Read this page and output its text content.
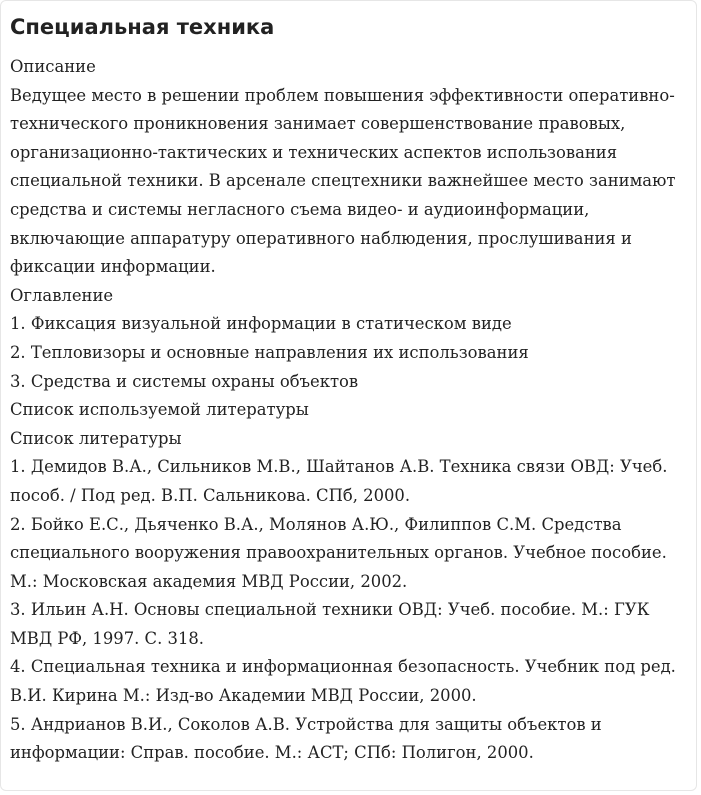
Специальная техника

Описание

Ведущее место в решении проблем повышения эффективности оперативно-технического проникновения занимает совершенствование правовых, организационно-тактических и технических аспектов использования специальной техники. В арсенале спецтехники важнейшее место занимают средства и системы негласного съема видео- и аудиоинформации, включающие аппаратуру оперативного наблюдения, прослушивания и фиксации информации.

Оглавление

1. Фиксация визуальной информации в статическом виде

2. Тепловизоры и основные направления их использования

3. Средства и системы охраны объектов

Список используемой литературы

Список литературы

1. Демидов В.А., Сильников М.В., Шайтанов А.В. Техника связи ОВД: Учеб. пособ. / Под ред. В.П. Сальникова. СПб, 2000.

2. Бойко Е.С., Дьяченко В.А., Молянов А.Ю., Филиппов С.М. Средства специального вооружения правоохранительных органов. Учебное пособие. М.: Московская академия МВД России, 2002.

3. Ильин А.Н. Основы специальной техники ОВД: Учеб. пособие. М.: ГУК МВД РФ, 1997. С. 318.

4. Специальная техника и информационная безопасность. Учебник под ред. В.И. Кирина М.: Изд-во Академии МВД России, 2000.

5. Андрианов В.И., Соколов А.В. Устройства для защиты объектов и информации: Справ. пособие. М.: АСТ; СПб: Полигон, 2000.
